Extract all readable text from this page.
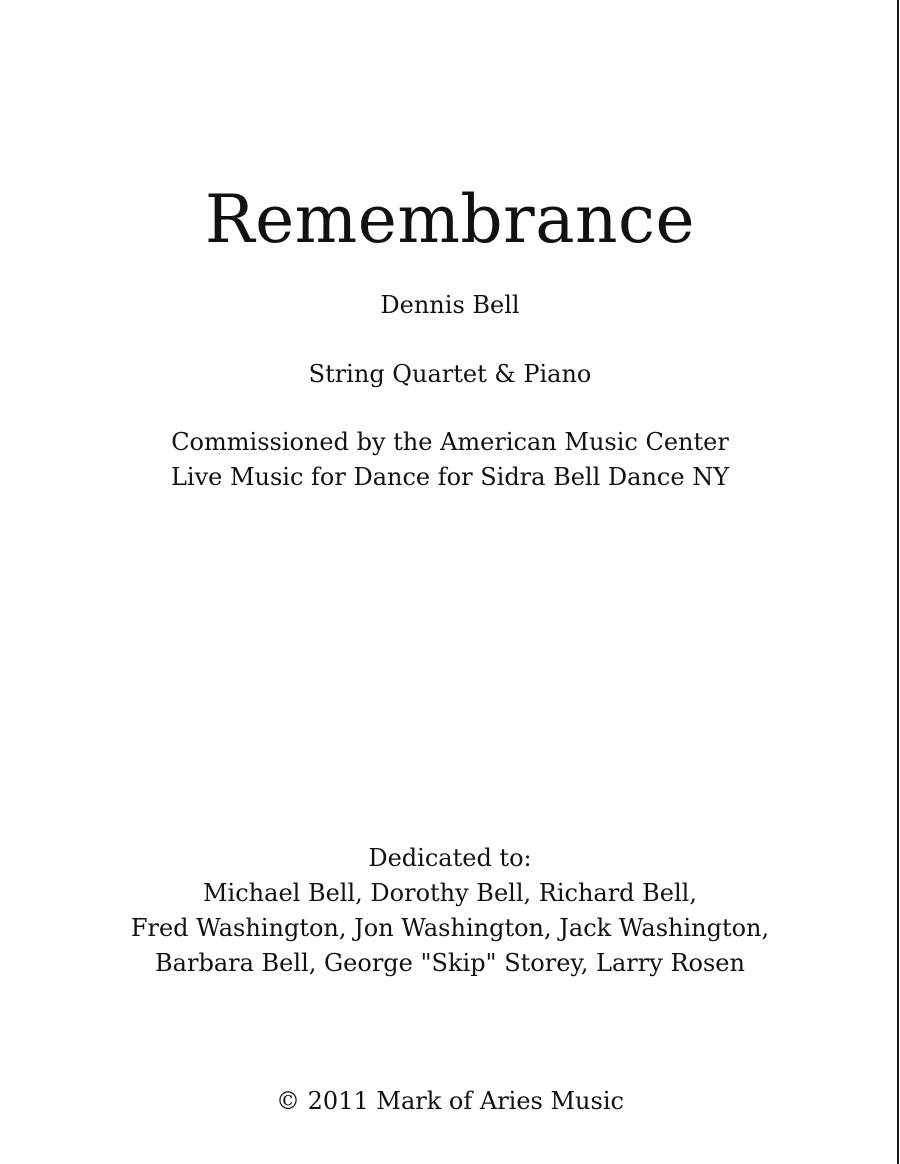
Remembrance
Dennis Bell
String Quartet & Piano
Commissioned by the American Music Center
Live Music for Dance for Sidra Bell Dance NY
Dedicated to:
Michael Bell, Dorothy Bell, Richard Bell,
Fred Washington, Jon Washington, Jack Washington,
Barbara Bell, George "Skip" Storey, Larry Rosen
© 2011 Mark of Aries Music
